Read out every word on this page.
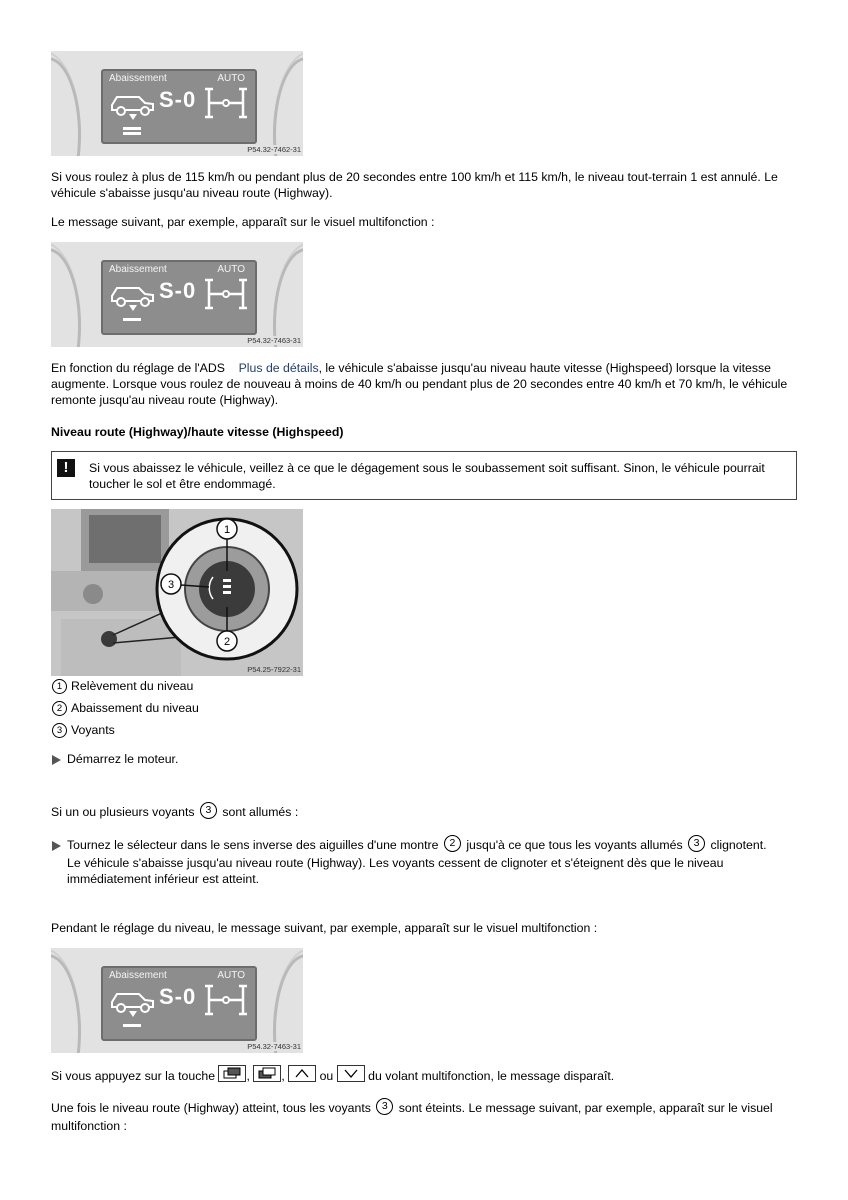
Abaissement	AUTO
S-0
P54.32-7462-31

Si vous roulez à plus de 115 km/h ou pendant plus de 20 secondes entre 100 km/h et 115 km/h, le niveau tout-terrain 1 est annulé. Le véhicule s'abaisse jusqu'au niveau route (Highway).

Le message suivant, par exemple, apparaît sur le visuel multifonction :

Abaissement	AUTO
S-0
P54.32-7463-31

En fonction du réglage de l'ADS Plus de détails, le véhicule s'abaisse jusqu'au niveau haute vitesse (Highspeed) lorsque la vitesse augmente. Lorsque vous roulez de nouveau à moins de 40 km/h ou pendant plus de 20 secondes entre 40 km/h et 70 km/h, le véhicule remonte jusqu'au niveau route (Highway).

Niveau route (Highway)/haute vitesse (Highspeed)
!	Si vous abaissez le véhicule, veillez à ce que le dégagement sous le soubassement soit suffisant. Sinon, le véhicule pourrait toucher le sol et être endommagé.

1
2
3
P54.25-7922-31
1 Relèvement du niveau
2 Abaissement du niveau
3 Voyants
Démarrez le moteur.
Si un ou plusieurs voyants 3 sont allumés :
Tournez le sélecteur dans le sens inverse des aiguilles d'une montre 2 jusqu'à ce que tous les voyants allumés 3 clignotent.
Le véhicule s'abaisse jusqu'au niveau route (Highway). Les voyants cessent de clignoter et s'éteignent dès que le niveau immédiatement inférieur est atteint.

Pendant le réglage du niveau, le message suivant, par exemple, apparaît sur le visuel multifonction :

Abaissement	AUTO
S-0
P54.32-7463-31
Si vous appuyez sur la touche	,	,	ou	du volant multifonction, le message disparaît.

Une fois le niveau route (Highway) atteint, tous les voyants 3 sont éteints. Le message suivant, par exemple, apparaît sur le visuel multifonction :
